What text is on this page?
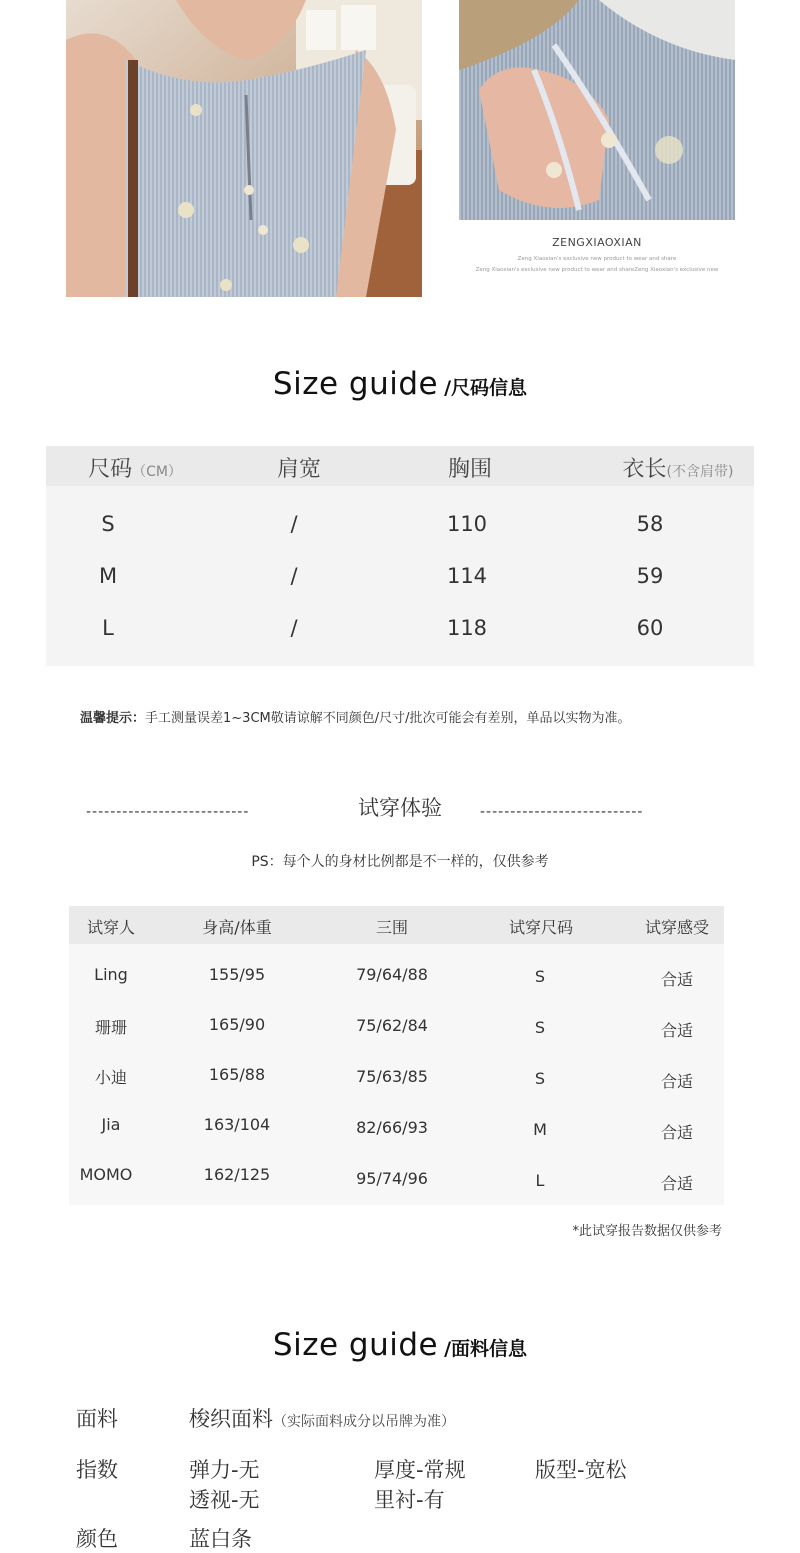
ZENGXIAOXIAN
Zeng Xiaoxian's exclusive new product to wear and share
Zeng Xiaoxian's exclusive new product to wear and shareZeng Xiaoxian's exclusive new
Size guide /尺码信息
尺码（CM）	肩宽	胸围	衣长(不含肩带)
S	/	110	58
M	/	114	59
L	/	118	60
温馨提示：手工测量误差1~3CM敬请谅解不同颜色/尺寸/批次可能会有差别，单品以实物为准。
---------------------------	试穿体验	---------------------------
PS：每个人的身材比例都是不一样的，仅供参考
试穿人	身高/体重	三围	试穿尺码	试穿感受
Ling	155/95	79/64/88	S	合适
珊珊	165/90	75/62/84	S	合适
小迪	165/88	75/63/85	S	合适
Jia	163/104	82/66/93	M	合适
MOMO	162/125	95/74/96	L	合适
*此试穿报告数据仅供参考
Size guide /面料信息
面料	梭织面料（实际面料成分以吊牌为准）
指数	弹力-无	厚度-常规	版型-宽松
透视-无	里衬-有
颜色	蓝白条
